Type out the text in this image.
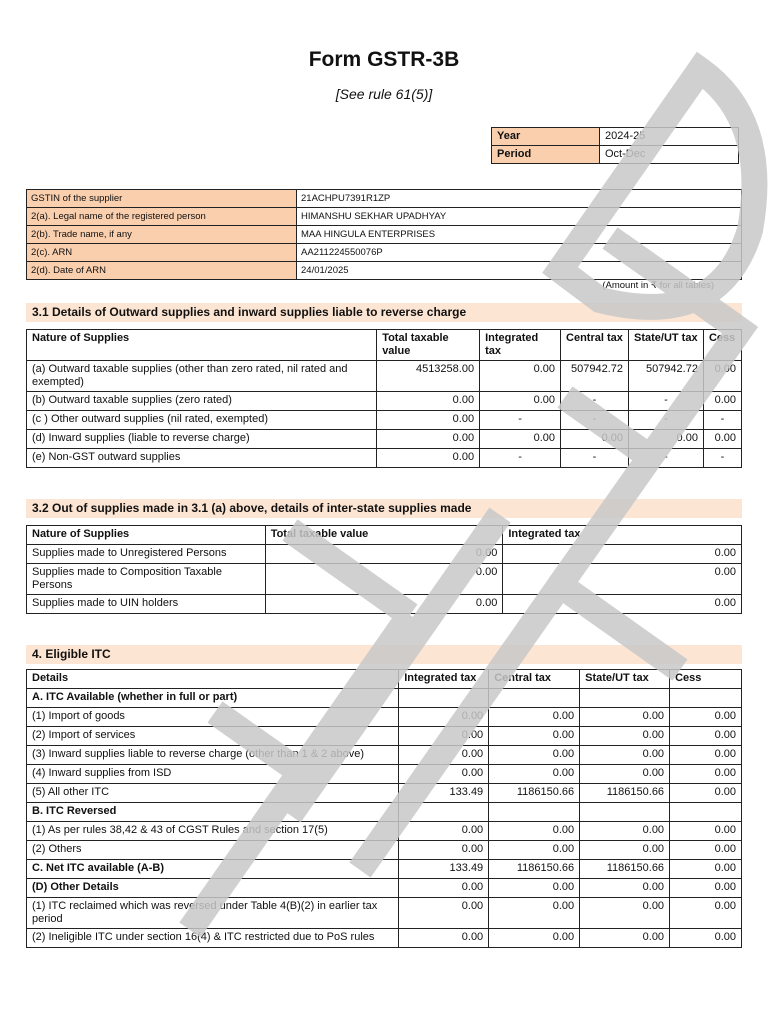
Form GSTR-3B
[See rule 61(5)]
Year	2024-25
Period	Oct-Dec
GSTIN of the supplier	21ACHPU7391R1ZP
2(a). Legal name of the registered person	HIMANSHU SEKHAR UPADHYAY
2(b). Trade name, if any	MAA HINGULA ENTERPRISES
2(c). ARN	AA211224550076P
2(d). Date of ARN	24/01/2025
(Amount in ₹ for all tables)
3.1 Details of Outward supplies and inward supplies liable to reverse charge
Nature of Supplies	Total taxable value	Integrated tax	Central tax	State/UT tax	Cess
(a) Outward taxable supplies (other than zero rated, nil rated and exempted)	4513258.00	0.00	507942.72	507942.72	0.00
(b) Outward taxable supplies (zero rated)	0.00	0.00	-	-	0.00
(c ) Other outward supplies (nil rated, exempted)	0.00	-	-	-	-
(d) Inward supplies (liable to reverse charge)	0.00	0.00	0.00	0.00	0.00
(e) Non-GST outward supplies	0.00	-	-	-	-
3.2 Out of supplies made in 3.1 (a) above, details of inter-state supplies made
Nature of Supplies	Total taxable value	Integrated tax
Supplies made to Unregistered Persons	0.00	0.00
Supplies made to Composition Taxable Persons	0.00	0.00
Supplies made to UIN holders	0.00	0.00
4. Eligible ITC
Details	Integrated tax	Central tax	State/UT tax	Cess
A. ITC Available (whether in full or part)				
(1) Import of goods	0.00	0.00	0.00	0.00
(2) Import of services	0.00	0.00	0.00	0.00
(3) Inward supplies liable to reverse charge (other than 1 & 2 above)	0.00	0.00	0.00	0.00
(4) Inward supplies from ISD	0.00	0.00	0.00	0.00
(5) All other ITC	133.49	1186150.66	1186150.66	0.00
B. ITC Reversed				
(1) As per rules 38,42 & 43 of CGST Rules and section 17(5)	0.00	0.00	0.00	0.00
(2) Others	0.00	0.00	0.00	0.00
C. Net ITC available (A-B)	133.49	1186150.66	1186150.66	0.00
(D) Other Details	0.00	0.00	0.00	0.00
(1) ITC reclaimed which was reversed under Table 4(B)(2) in earlier tax period	0.00	0.00	0.00	0.00
(2) Ineligible ITC under section 16(4) & ITC restricted due to PoS rules	0.00	0.00	0.00	0.00
